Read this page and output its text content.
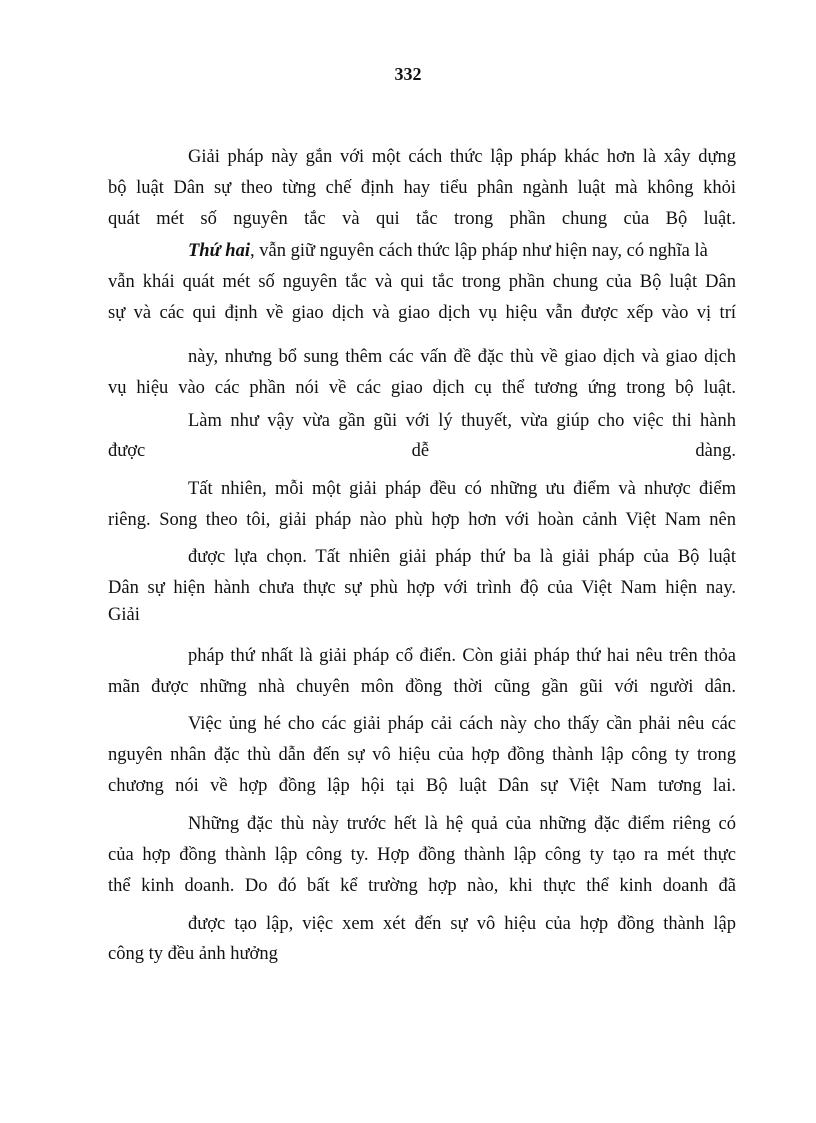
332
Giải pháp này gắn với một cách thức lập pháp khác hơn là xây dựng
bộ luật Dân sự theo từng chế định hay tiểu phân ngành luật mà không khỏi
quát mét số nguyên tắc và qui tắc trong phần chung của Bộ luật.
Thứ hai, vẫn giữ nguyên cách thức lập pháp như hiện nay, có nghĩa là
vẫn khái quát mét số nguyên tắc và qui tắc trong phần chung của Bộ luật Dân
sự và các qui định về giao dịch và giao dịch vụ hiệu vẫn được xếp vào vị trí
này, nhưng bổ sung thêm các vấn đề đặc thù về giao dịch và giao dịch
vụ hiệu vào các phần nói về các giao dịch cụ thể tương ứng trong bộ luật.
Làm như vậy vừa gần gũi với lý thuyết, vừa giúp cho việc thi hành
được	dễ	dàng.
Tất nhiên, mỗi một giải pháp đều có những ưu điểm và nhược điểm
riêng. Song theo tôi, giải pháp nào phù hợp hơn với hoàn cảnh Việt Nam nên
được lựa chọn. Tất nhiên giải pháp thứ ba là giải pháp của Bộ luật
Dân sự hiện hành chưa thực sự phù hợp với trình độ của Việt Nam hiện nay.
Giải
pháp thứ nhất là giải pháp cổ điển. Còn giải pháp thứ hai nêu trên thỏa
mãn được những nhà chuyên môn đồng thời cũng gần gũi với người dân.
Việc ủng hé cho các giải pháp cải cách này cho thấy cần phải nêu các
nguyên nhân đặc thù dẫn đến sự vô hiệu của hợp đồng thành lập công ty trong
chương nói về hợp đồng lập hội tại Bộ luật Dân sự Việt Nam tương lai.
Những đặc thù này trước hết là hệ quả của những đặc điểm riêng có
của hợp đồng thành lập công ty. Hợp đồng thành lập công ty tạo ra mét thực
thể kinh doanh. Do đó bất kể trường hợp nào, khi thực thể kinh doanh đã
được tạo lập, việc xem xét đến sự vô hiệu của hợp đồng thành lập
công ty đều ảnh hưởng
